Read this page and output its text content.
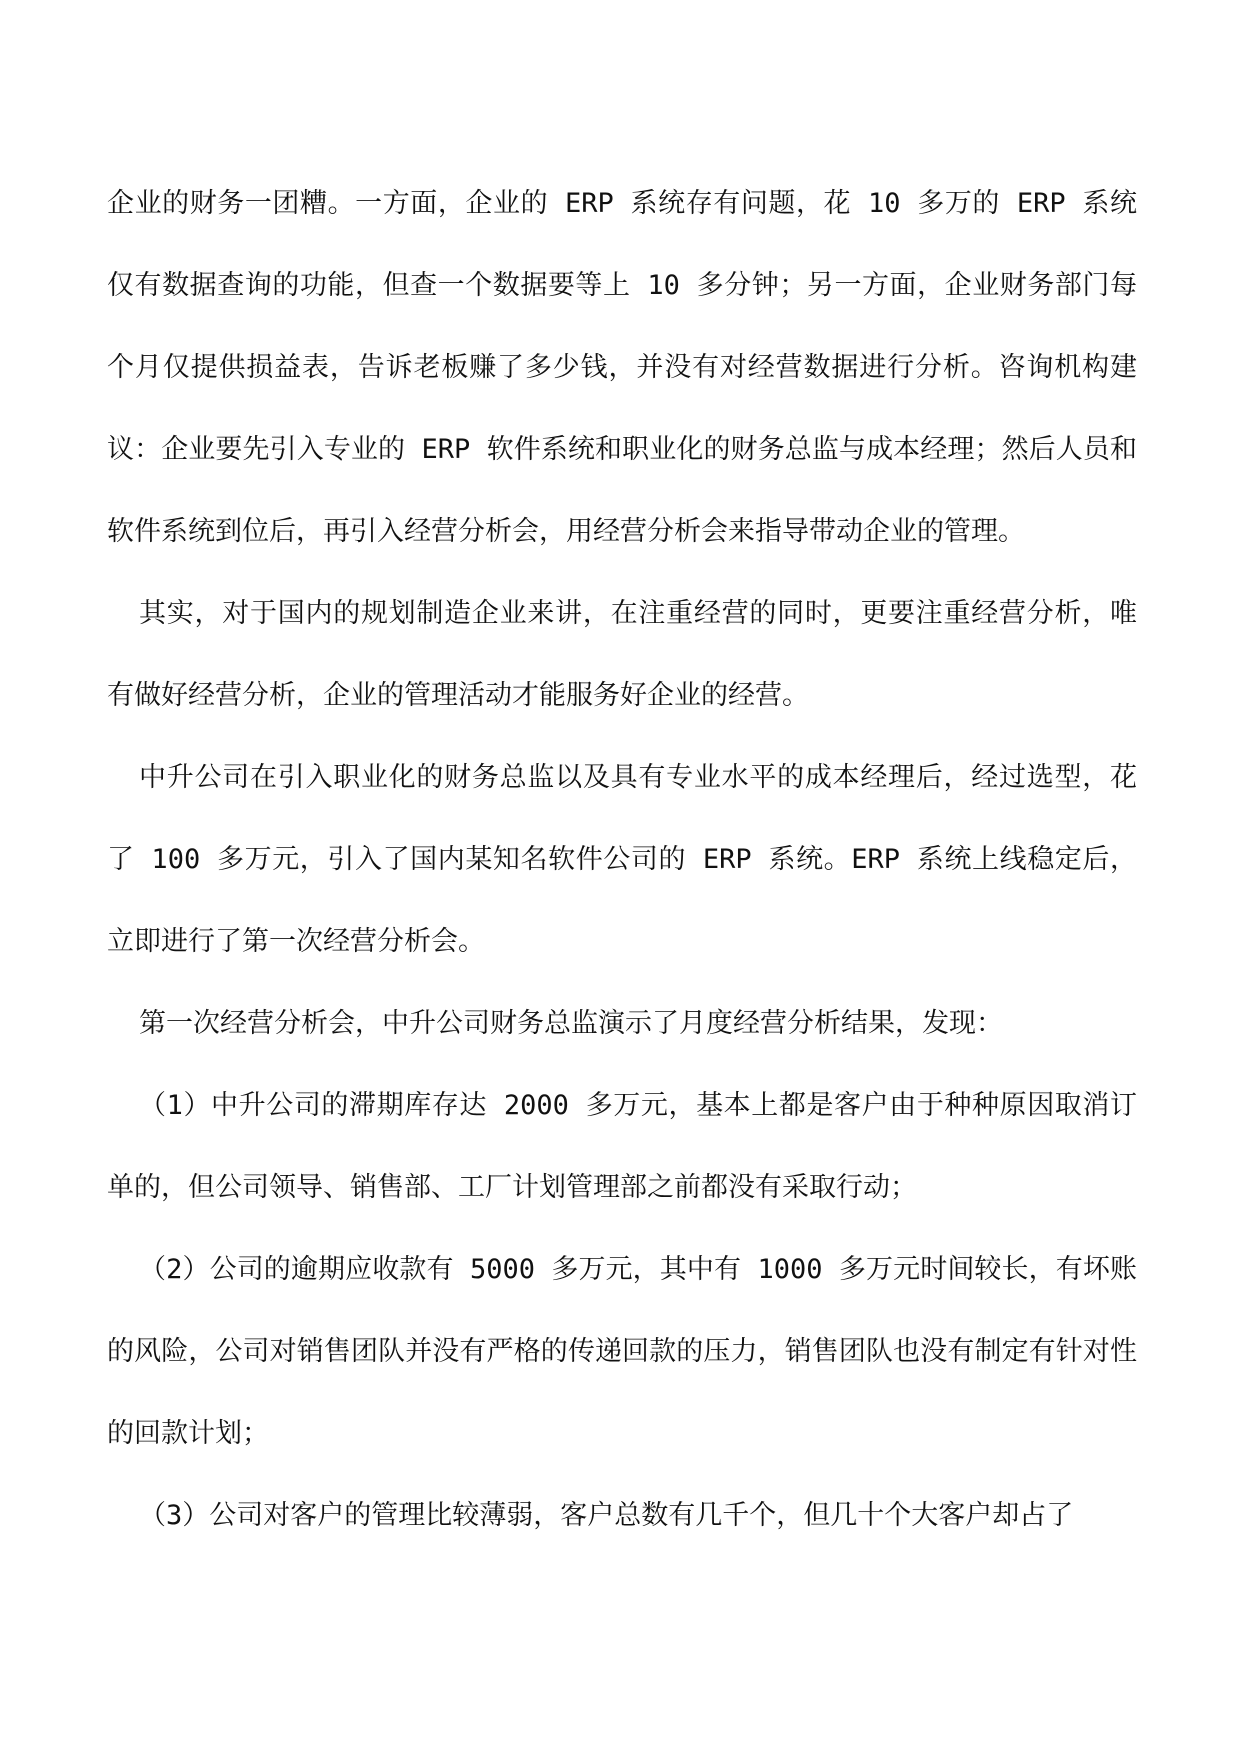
企业的财务一团糟。一方面，企业的 ERP 系统存有问题，花 10 多万的 ERP 系统仅有数据查询的功能，但查一个数据要等上 10 多分钟；另一方面，企业财务部门每个月仅提供损益表，告诉老板赚了多少钱，并没有对经营数据进行分析。咨询机构建议：企业要先引入专业的 ERP 软件系统和职业化的财务总监与成本经理；然后人员和软件系统到位后，再引入经营分析会，用经营分析会来指导带动企业的管理。

其实，对于国内的规划制造企业来讲，在注重经营的同时，更要注重经营分析，唯有做好经营分析，企业的管理活动才能服务好企业的经营。

中升公司在引入职业化的财务总监以及具有专业水平的成本经理后，经过选型，花了 100 多万元，引入了国内某知名软件公司的 ERP 系统。ERP 系统上线稳定后，立即进行了第一次经营分析会。

第一次经营分析会，中升公司财务总监演示了月度经营分析结果，发现：

（1）中升公司的滞期库存达 2000 多万元，基本上都是客户由于种种原因取消订单的，但公司领导、销售部、工厂计划管理部之前都没有采取行动；

（2）公司的逾期应收款有 5000 多万元，其中有 1000 多万元时间较长，有坏账的风险，公司对销售团队并没有严格的传递回款的压力，销售团队也没有制定有针对性的回款计划；

（3）公司对客户的管理比较薄弱，客户总数有几千个，但几十个大客户却占了
